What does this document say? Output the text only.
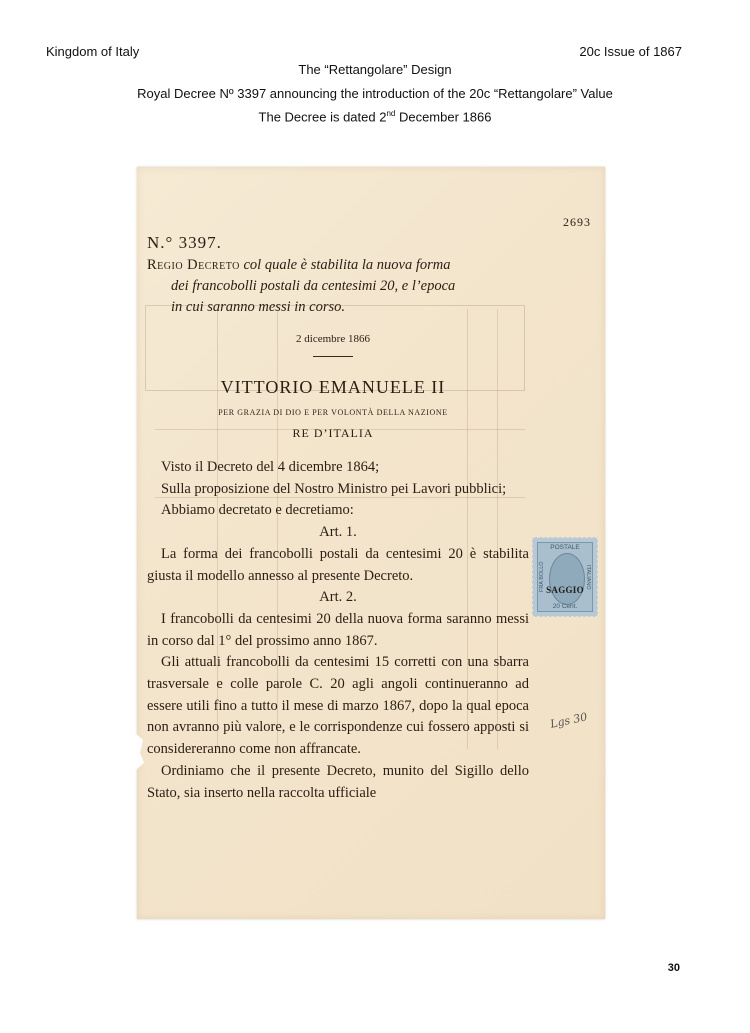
Kingdom of Italy	20c Issue of 1867
The “Rettangolare” Design
Royal Decree Nº 3397 announcing the introduction of the 20c “Rettangolare” Value
The Decree is dated 2nd December 1866
2693
N.° 3397.
Regio Decreto col quale è stabilita la nuova forma
dei francobolli postali da centesimi 20, e l’epoca
in cui saranno messi in corso.
2 dicembre 1866
VITTORIO EMANUELE II
PER GRAZIA DI DIO E PER VOLONTÀ DELLA NAZIONE
RE D’ITALIA

Visto il Decreto del 4 dicembre 1864;

Sulla proposizione del Nostro Ministro pei Lavori pubblici;

Abbiamo decretato e decretiamo:

Art. 1.

La forma dei francobolli postali da centesimi 20 è stabilita giusta il modello annesso al presente Decreto.

Art. 2.

I francobolli da centesimi 20 della nuova forma saranno messi in corso dal 1° del prossimo anno 1867.

Gli attuali francobolli da centesimi 15 corretti con una sbarra trasversale e colle parole C. 20 agli angoli continueranno ad essere utili fino a tutto il mese di marzo 1867, dopo la qual epoca non avranno più valore, e le corrispondenze cui fossero apposti si considereranno come non affrancate.

Ordiniamo che il presente Decreto, munito del Sigillo dello Stato, sia inserto nella raccolta ufficiale

POSTALE
FRA BOLLO	ITALIANO
SAGGIO
20 Cent.
Lgs 30
30
